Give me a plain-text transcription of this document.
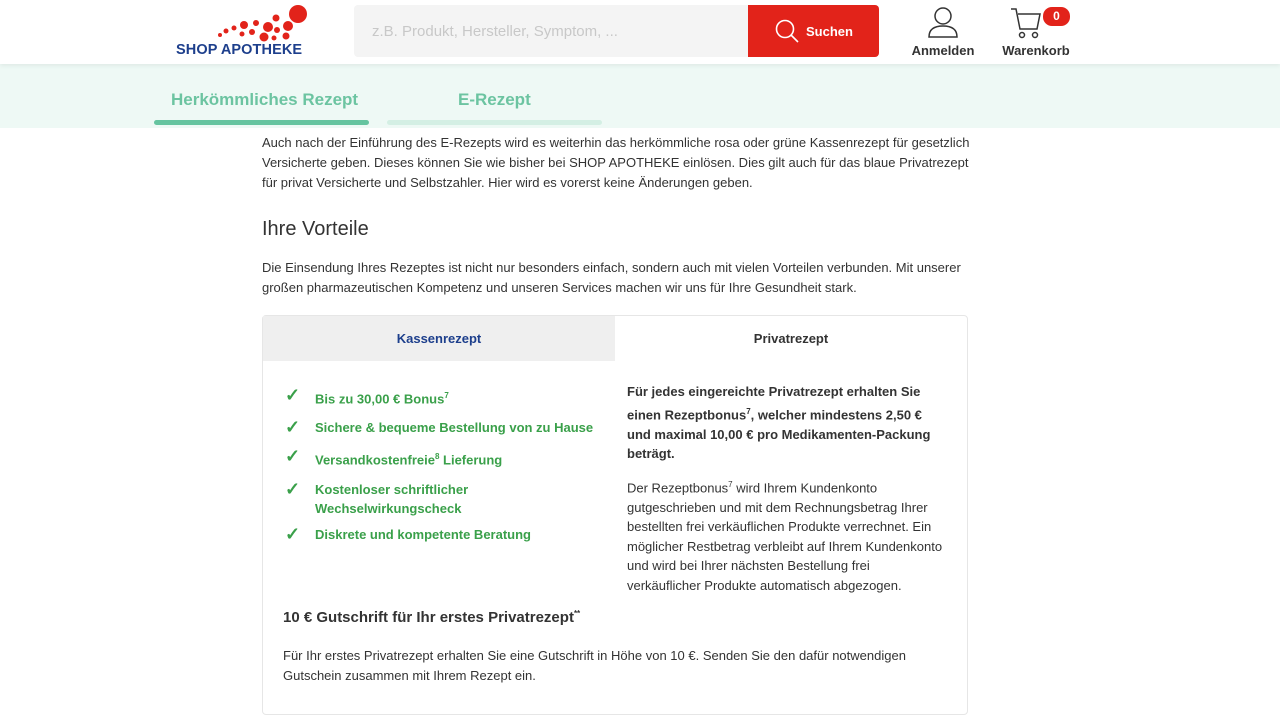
SHOP APOTHEKE
z.B. Produkt, Hersteller, Symptom, ...
Suchen
Anmelden Warenkorb
0
Herkömmliches Rezept	E-Rezept

Auch nach der Einführung des E-Rezepts wird es weiterhin das herkömmliche rosa oder grüne Kassenrezept für gesetzlich Versicherte geben. Dieses können Sie wie bisher bei SHOP APOTHEKE einlösen. Dies gilt auch für das blaue Privatrezept für privat Versicherte und Selbstzahler. Hier wird es vorerst keine Änderungen geben.

Ihre Vorteile

Die Einsendung Ihres Rezeptes ist nicht nur besonders einfach, sondern auch mit vielen Vorteilen verbunden. Mit unserer großen pharmazeutischen Kompetenz und unseren Services machen wir uns für Ihre Gesundheit stark.

Kassenrezept	Privatrezept
✓	Bis zu 30,00 € Bonus$^7$
✓	Sichere & bequeme Bestellung von zu Hause
✓	Versandkostenfreie$^8$ Lieferung
✓	Kostenloser schriftlicher Wechselwirkungscheck
✓	Diskrete und kompetente Beratung

Für jedes eingereichte Privatrezept erhalten Sie einen Rezeptbonus$^7$, welcher mindestens 2,50 € und maximal 10,00 € pro Medikamenten-Packung beträgt.

Der Rezeptbonus$^7$ wird Ihrem Kundenkonto gutgeschrieben und mit dem Rechnungsbetrag Ihrer bestellten frei verkäuflichen Produkte verrechnet. Ein möglicher Restbetrag verbleibt auf Ihrem Kundenkonto und wird bei Ihrer nächsten Bestellung frei verkäuflicher Produkte automatisch abgezogen.

10 € Gutschrift für Ihr erstes Privatrezept**

Für Ihr erstes Privatrezept erhalten Sie eine Gutschrift in Höhe von 10 €. Senden Sie den dafür notwendigen Gutschein zusammen mit Ihrem Rezept ein.
